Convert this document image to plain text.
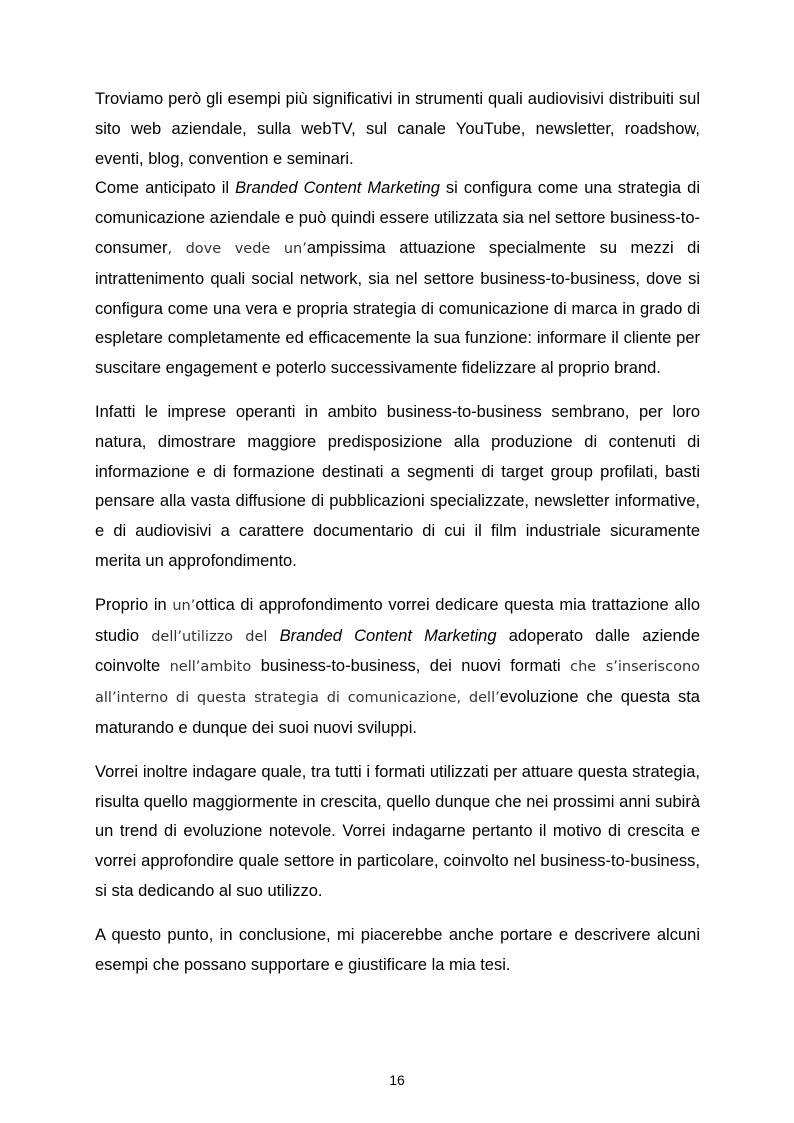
Troviamo però gli esempi più significativi in strumenti quali audiovisivi distribuiti sul sito web aziendale, sulla webTV, sul canale YouTube, newsletter, roadshow, eventi, blog, convention e seminari.

Come anticipato il Branded Content Marketing si configura come una strategia di comunicazione aziendale e può quindi essere utilizzata sia nel settore business-to-consumer, dove vede un’ampissima attuazione specialmente su mezzi di intrattenimento quali social network, sia nel settore business-to-business, dove si configura come una vera e propria strategia di comunicazione di marca in grado di espletare completamente ed efficacemente la sua funzione: informare il cliente per suscitare engagement e poterlo successivamente fidelizzare al proprio brand.

Infatti le imprese operanti in ambito business-to-business sembrano, per loro natura, dimostrare maggiore predisposizione alla produzione di contenuti di informazione e di formazione destinati a segmenti di target group profilati, basti pensare alla vasta diffusione di pubblicazioni specializzate, newsletter informative, e di audiovisivi a carattere documentario di cui il film industriale sicuramente merita un approfondimento.

Proprio in un’ottica di approfondimento vorrei dedicare questa mia trattazione allo studio dell’utilizzo del Branded Content Marketing adoperato dalle aziende coinvolte nell’ambito business-to-business, dei nuovi formati che s’inseriscono all’interno di questa strategia di comunicazione, dell’evoluzione che questa sta maturando e dunque dei suoi nuovi sviluppi.

Vorrei inoltre indagare quale, tra tutti i formati utilizzati per attuare questa strategia, risulta quello maggiormente in crescita, quello dunque che nei prossimi anni subirà un trend di evoluzione notevole. Vorrei indagarne pertanto il motivo di crescita e vorrei approfondire quale settore in particolare, coinvolto nel business-to-business, si sta dedicando al suo utilizzo.

A questo punto, in conclusione, mi piacerebbe anche portare e descrivere alcuni esempi che possano supportare e giustificare la mia tesi.

16
